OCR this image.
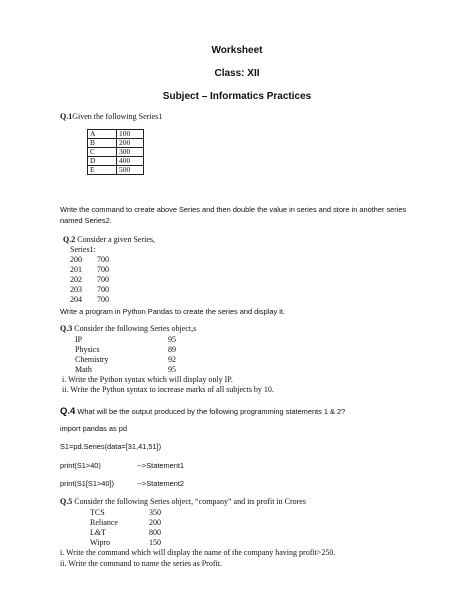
Worksheet
Class: XII
Subject – Informatics Practices
Q.1Given the following Series1
A	100
B	200
C	300
D	400
E	500
Write the command to create above Series and then double the value in series and store in another series
named Series2.
Q.2 Consider a given Series,
Series1:
200 700
201 700
202 700
203 700
204 700
Write a program in Python Pandas to create the series and display it.
Q.3 Consider the following Series object,s
IP	95
Physics	89
Chemistry	92
Math	95
i. Write the Python syntax which will display only IP.
ii. Write the Python syntax to increase marks of all subjects by 10.
Q.4 What will be the output produced by the following programming statements 1 & 2?
import pandas as pd
S1=pd.Series(data=[31,41,51])
print(S1>40)	-->Statement1
print(S1[S1>40])	-->Statement2
Q.5 Consider the following Series object, “company” and its profit in Crores
TCS	350
Reliance	200
L&T	800
Wipro	150
i. Write the command which will display the name of the company having profit>250.
ii. Write the command to name the series as Profit.
